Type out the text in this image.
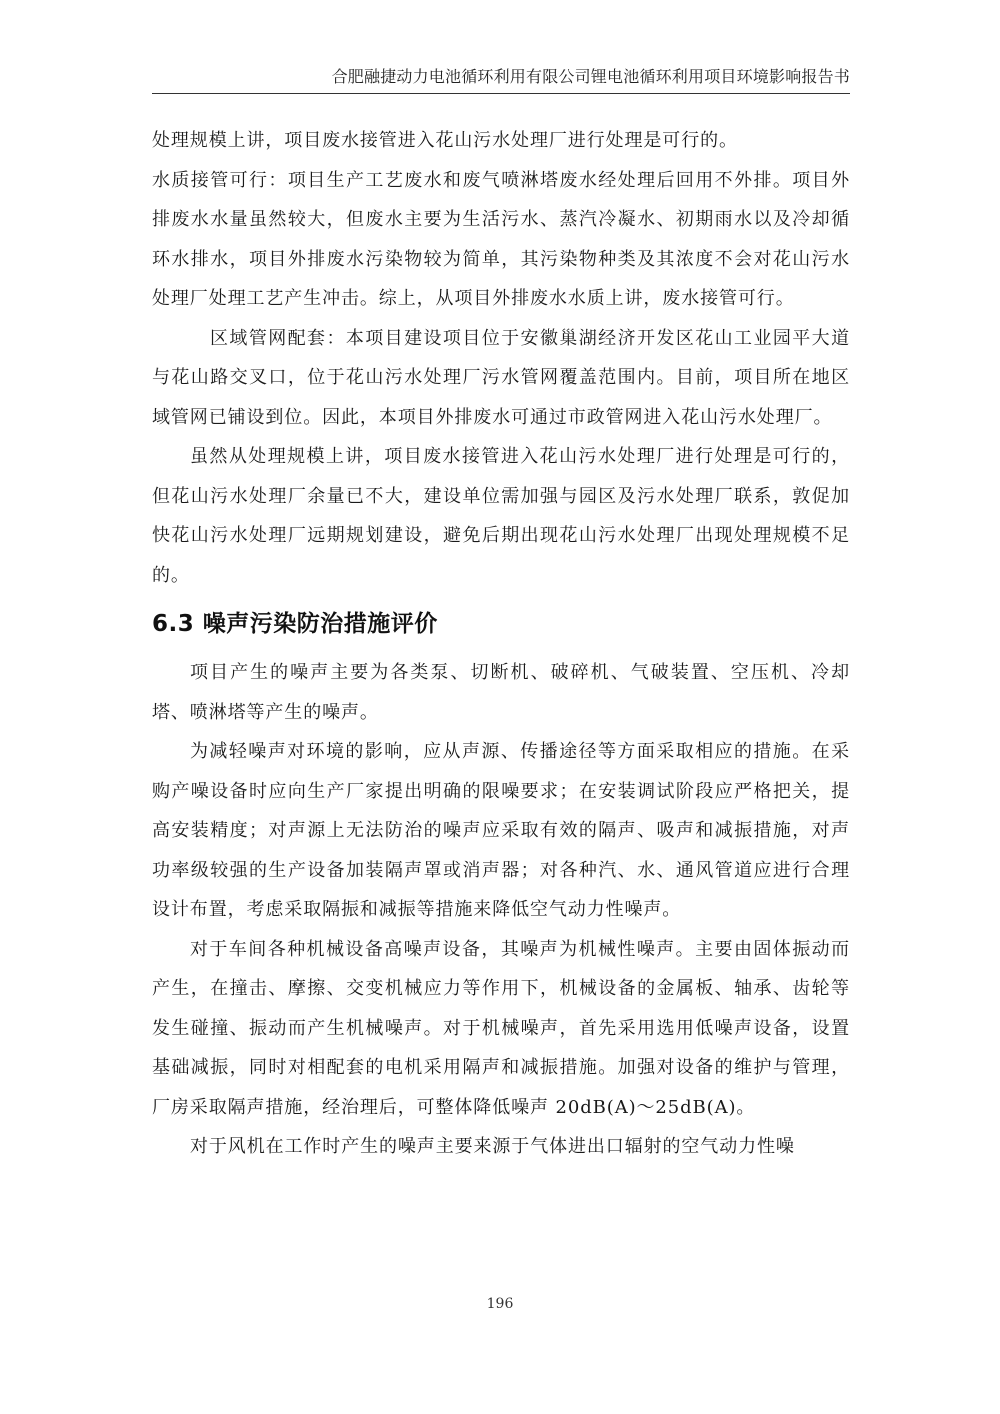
合肥融捷动力电池循环利用有限公司锂电池循环利用项目环境影响报告书

处理规模上讲，项目废水接管进入花山污水处理厂进行处理是可行的。

水质接管可行：项目生产工艺废水和废气喷淋塔废水经处理后回用不外排。项目外排废水水量虽然较大，但废水主要为生活污水、蒸汽冷凝水、初期雨水以及冷却循环水排水，项目外排废水污染物较为简单，其污染物种类及其浓度不会对花山污水处理厂处理工艺产生冲击。综上，从项目外排废水水质上讲，废水接管可行。

区域管网配套：本项目建设项目位于安徽巢湖经济开发区花山工业园平大道与花山路交叉口，位于花山污水处理厂污水管网覆盖范围内。目前，项目所在地区域管网已铺设到位。因此，本项目外排废水可通过市政管网进入花山污水处理厂。

虽然从处理规模上讲，项目废水接管进入花山污水处理厂进行处理是可行的，但花山污水处理厂余量已不大，建设单位需加强与园区及污水处理厂联系，敦促加快花山污水处理厂远期规划建设，避免后期出现花山污水处理厂出现处理规模不足的。

6.3 噪声污染防治措施评价

项目产生的噪声主要为各类泵、切断机、破碎机、气破装置、空压机、冷却塔、喷淋塔等产生的噪声。

为减轻噪声对环境的影响，应从声源、传播途径等方面采取相应的措施。在采购产噪设备时应向生产厂家提出明确的限噪要求；在安装调试阶段应严格把关，提高安装精度；对声源上无法防治的噪声应采取有效的隔声、吸声和减振措施，对声功率级较强的生产设备加装隔声罩或消声器；对各种汽、水、通风管道应进行合理设计布置，考虑采取隔振和减振等措施来降低空气动力性噪声。

对于车间各种机械设备高噪声设备，其噪声为机械性噪声。主要由固体振动而产生，在撞击、摩擦、交变机械应力等作用下，机械设备的金属板、轴承、齿轮等发生碰撞、振动而产生机械噪声。对于机械噪声，首先采用选用低噪声设备，设置基础减振，同时对相配套的电机采用隔声和减振措施。加强对设备的维护与管理，厂房采取隔声措施，经治理后，可整体降低噪声 20dB(A)～25dB(A)。

对于风机在工作时产生的噪声主要来源于气体进出口辐射的空气动力性噪

196
